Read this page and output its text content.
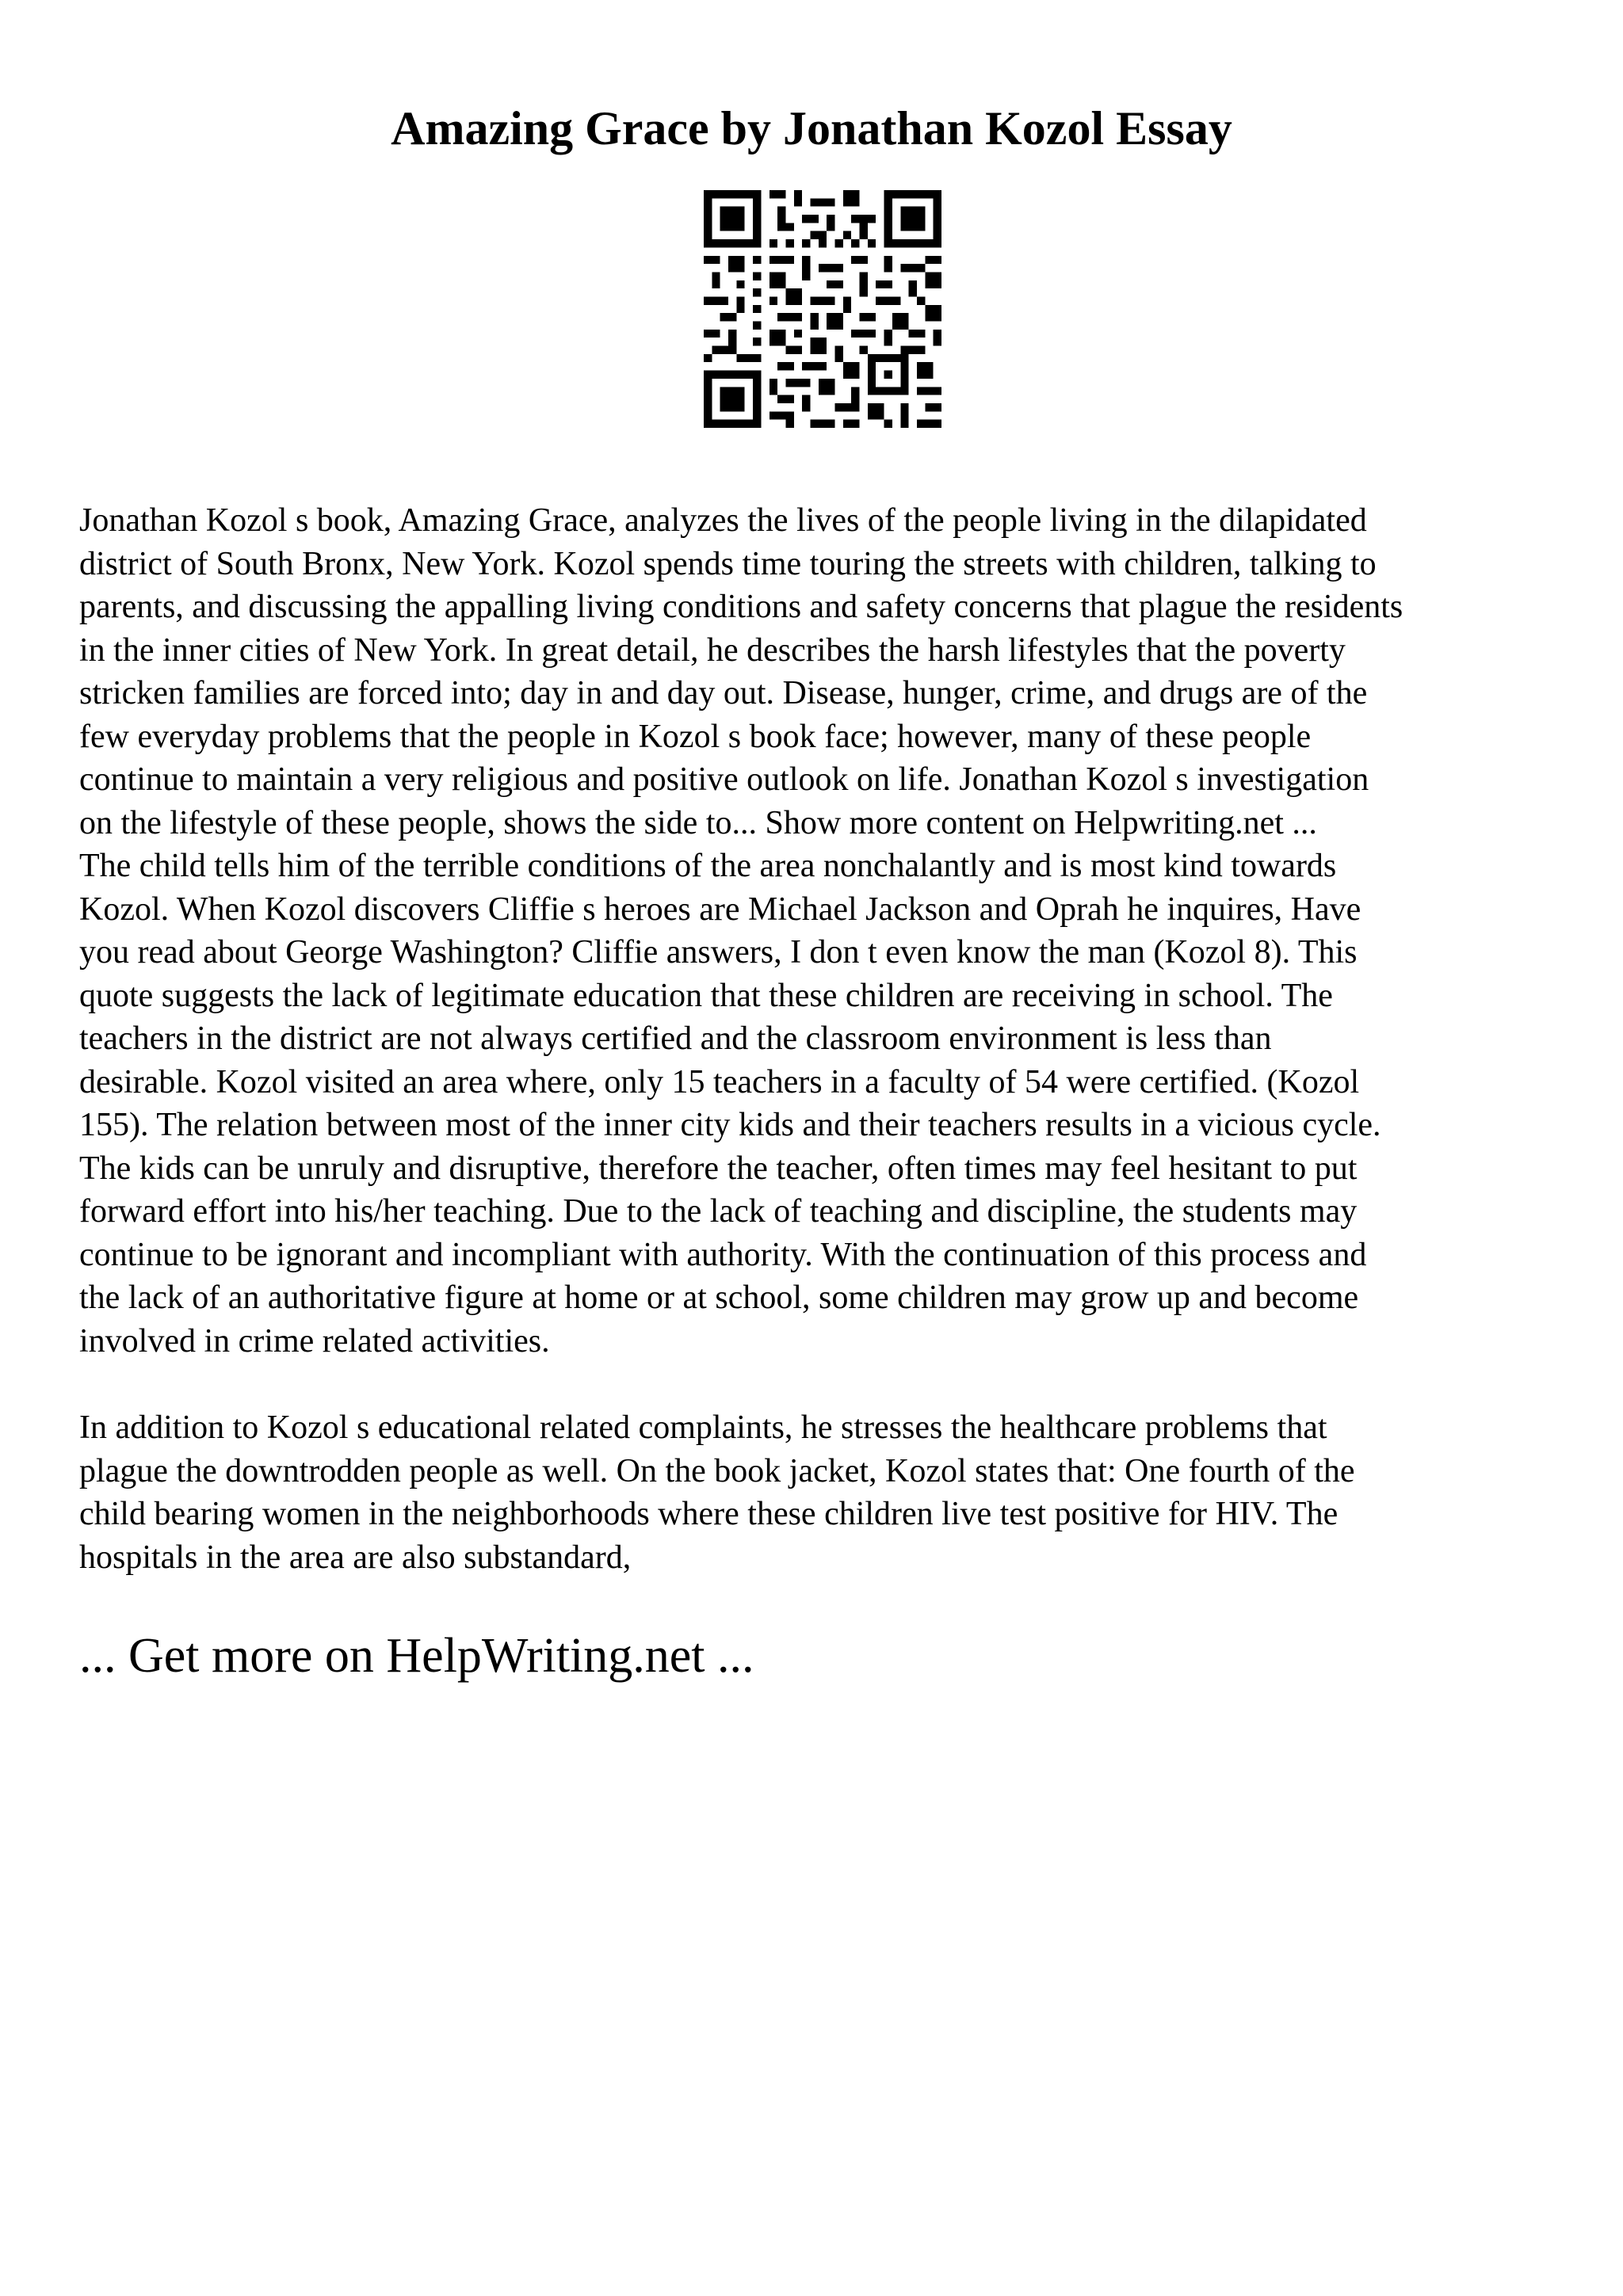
Amazing Grace by Jonathan Kozol Essay
Jonathan Kozol s book, Amazing Grace, analyzes the lives of the people living in the dilapidated
district of South Bronx, New York. Kozol spends time touring the streets with children, talking to
parents, and discussing the appalling living conditions and safety concerns that plague the residents
in the inner cities of New York. In great detail, he describes the harsh lifestyles that the poverty
stricken families are forced into; day in and day out. Disease, hunger, crime, and drugs are of the
few everyday problems that the people in Kozol s book face; however, many of these people
continue to maintain a very religious and positive outlook on life. Jonathan Kozol s investigation
on the lifestyle of these people, shows the side to... Show more content on Helpwriting.net ...
The child tells him of the terrible conditions of the area nonchalantly and is most kind towards
Kozol. When Kozol discovers Cliffie s heroes are Michael Jackson and Oprah he inquires, Have
you read about George Washington? Cliffie answers, I don t even know the man (Kozol 8). This
quote suggests the lack of legitimate education that these children are receiving in school. The
teachers in the district are not always certified and the classroom environment is less than
desirable. Kozol visited an area where, only 15 teachers in a faculty of 54 were certified. (Kozol
155). The relation between most of the inner city kids and their teachers results in a vicious cycle.
The kids can be unruly and disruptive, therefore the teacher, often times may feel hesitant to put
forward effort into his/her teaching. Due to the lack of teaching and discipline, the students may
continue to be ignorant and incompliant with authority. With the continuation of this process and
the lack of an authoritative figure at home or at school, some children may grow up and become
involved in crime related activities.
In addition to Kozol s educational related complaints, he stresses the healthcare problems that
plague the downtrodden people as well. On the book jacket, Kozol states that: One fourth of the
child bearing women in the neighborhoods where these children live test positive for HIV. The
hospitals in the area are also substandard,

... Get more on HelpWriting.net ...
